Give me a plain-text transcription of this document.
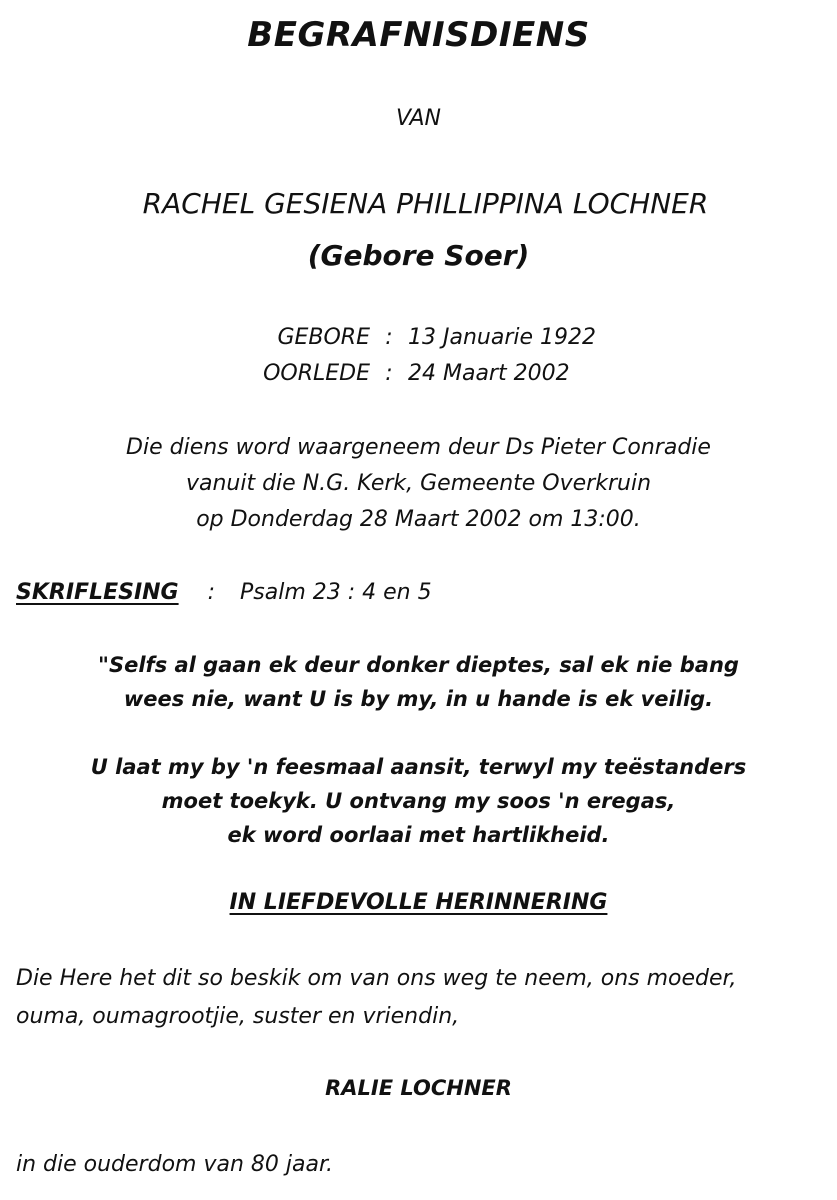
BEGRAFNISDIENS
VAN
RACHEL GESIENA PHILLIPPINA LOCHNER
(Gebore Soer)
GEBORE : 13 Januarie 1922
OORLEDE : 24 Maart 2002
Die diens word waargeneem deur Ds Pieter Conradie
vanuit die N.G. Kerk, Gemeente Overkruin
op Donderdag 28 Maart 2002 om 13:00.
SKRIFLESING : Psalm 23 : 4 en 5
"Selfs al gaan ek deur donker dieptes, sal ek nie bang
wees nie, want U is by my, in u hande is ek veilig.
U laat my by 'n feesmaal aansit, terwyl my teëstanders
moet toekyk. U ontvang my soos 'n eregas,
ek word oorlaai met hartlikheid.
IN LIEFDEVOLLE HERINNERING
Die Here het dit so beskik om van ons weg te neem, ons moeder,
ouma, oumagrootjie, suster en vriendin,
RALIE LOCHNER
in die ouderdom van 80 jaar.
